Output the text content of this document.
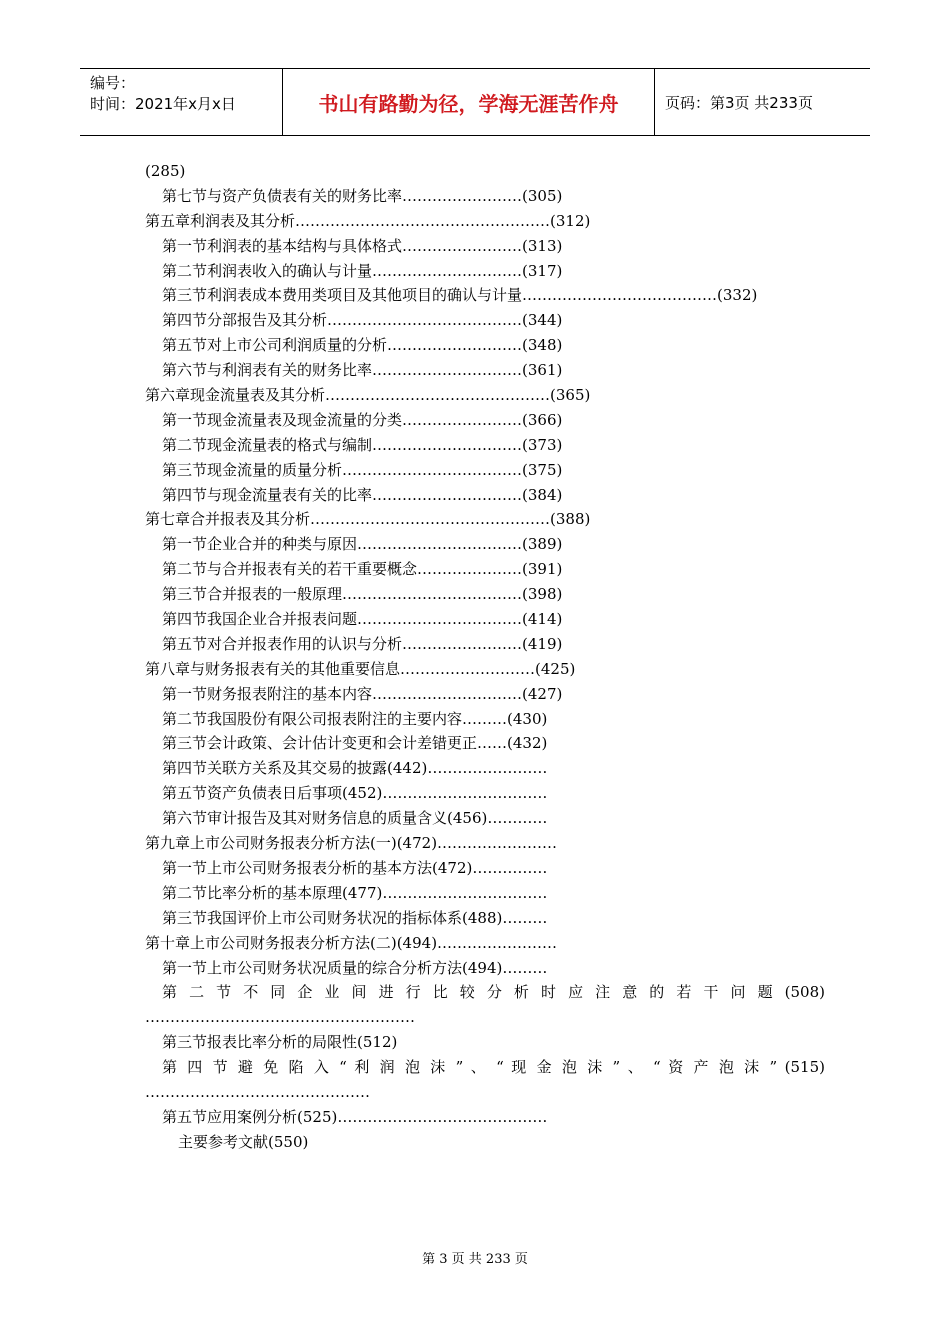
编号：
时间：2021年x月x日	书山有路勤为径，学海无涯苦作舟	页码：第3页 共233页
(285)
第七节与资产负债表有关的财务比率……………………(305)
第五章利润表及其分析……………………………………………(312)
第一节利润表的基本结构与具体格式……………………(313)
第二节利润表收入的确认与计量…………………………(317)
第三节利润表成本费用类项目及其他项目的确认与计量…………………………………(332)
第四节分部报告及其分析…………………………………(344)
第五节对上市公司利润质量的分析………………………(348)
第六节与利润表有关的财务比率…………………………(361)
第六章现金流量表及其分析………………………………………(365)
第一节现金流量表及现金流量的分类……………………(366)
第二节现金流量表的格式与编制…………………………(373)
第三节现金流量的质量分析………………………………(375)
第四节与现金流量表有关的比率…………………………(384)
第七章合并报表及其分析…………………………………………(388)
第一节企业合并的种类与原因……………………………(389)
第二节与合并报表有关的若干重要概念…………………(391)
第三节合并报表的一般原理………………………………(398)
第四节我国企业合并报表问题……………………………(414)
第五节对合并报表作用的认识与分析……………………(419)
第八章与财务报表有关的其他重要信息………………………(425)
第一节财务报表附注的基本内容…………………………(427)
第二节我国股份有限公司报表附注的主要内容………(430)
第三节会计政策、会计估计变更和会计差错更正……(432)
第四节关联方关系及其交易的披露(442)……………………
第五节资产负债表日后事项(452)……………………………
第六节审计报告及其对财务信息的质量含义(456)…………
第九章上市公司财务报表分析方法(一)(472)……………………
第一节上市公司财务报表分析的基本方法(472)……………
第二节比率分析的基本原理(477)……………………………
第三节我国评价上市公司财务状况的指标体系(488)………
第十章上市公司财务报表分析方法(二)(494)……………………
第一节上市公司财务状况质量的综合分析方法(494)………
第 二 节 不 同 企 业 间 进 行 比 较 分 析 时 应 注 意 的 若 干 问 题 (508)
………………………………………………
第三节报表比率分析的局限性(512)
第 四 节 避 免 陷 入 “ 利 润 泡 沫 ” 、 “ 现 金 泡 沫 ” 、 “ 资 产 泡 沫 ” (515)
………………………………………
第五节应用案例分析(525)……………………………………
主要参考文献(550)
第 3 页 共 233 页
